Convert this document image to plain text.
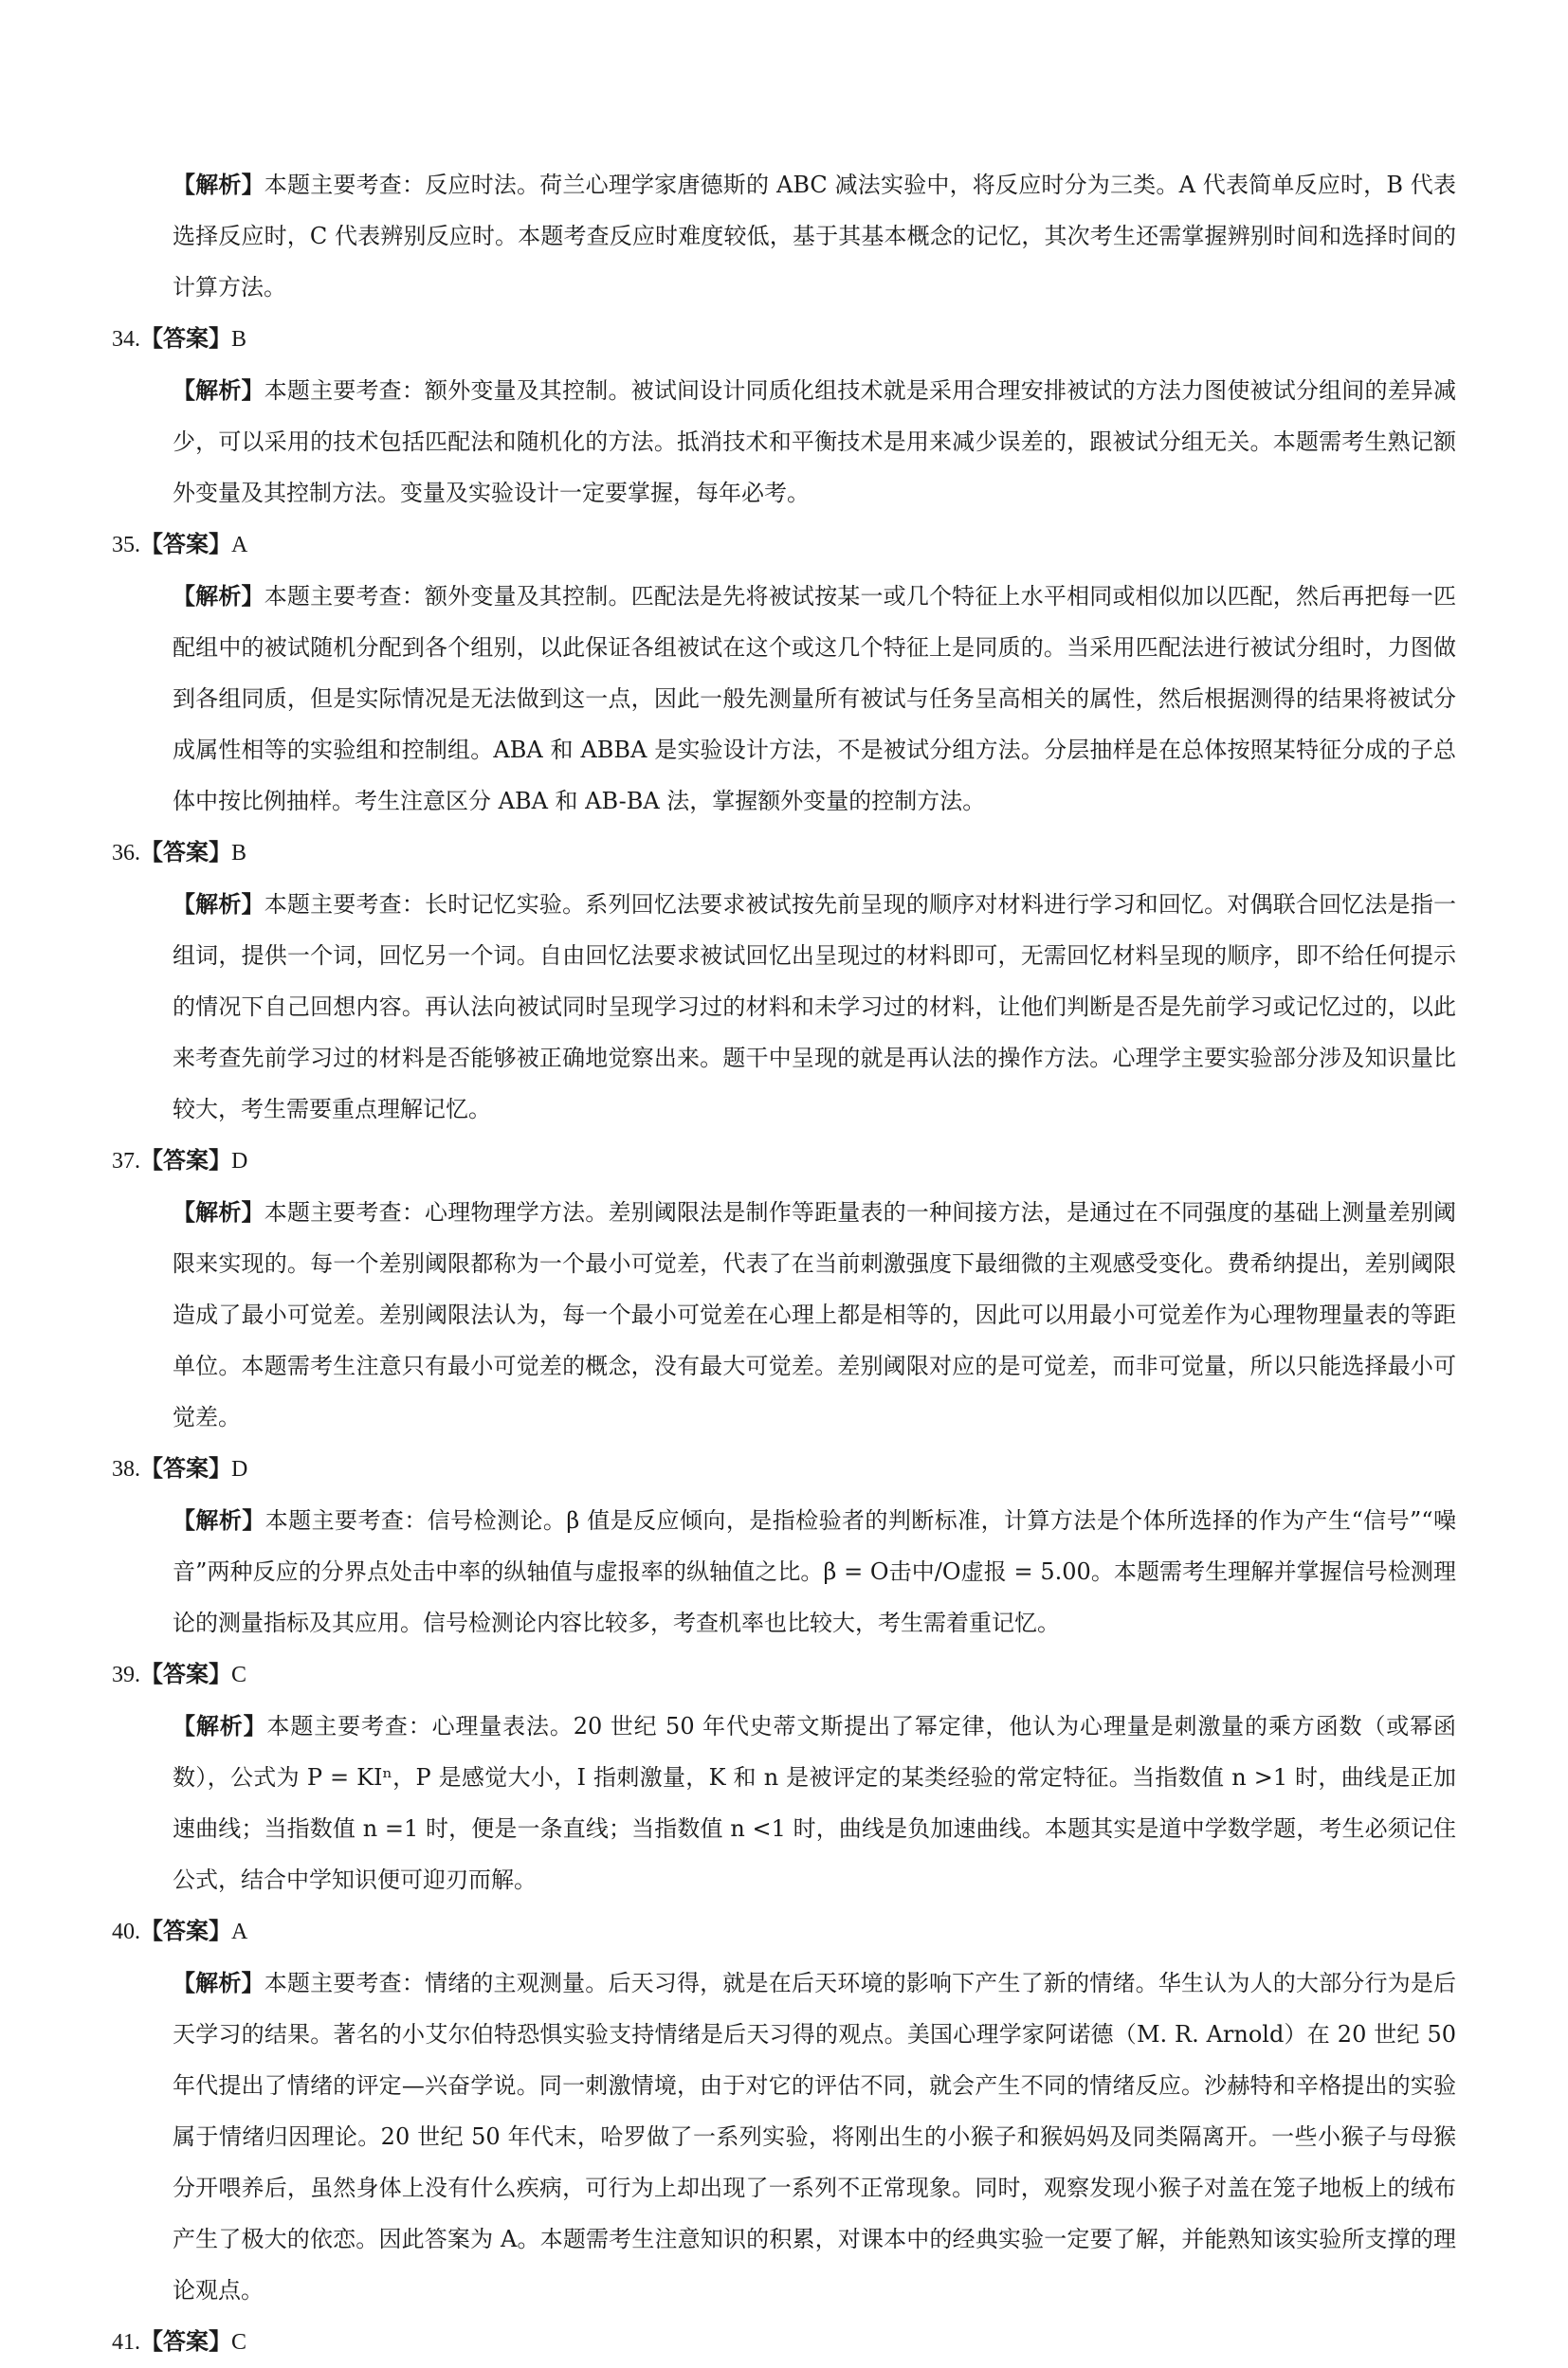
【解析】本题主要考查：反应时法。荷兰心理学家唐德斯的 ABC 减法实验中，将反应时分为三类。A 代表简单反应时，B 代表选择反应时，C 代表辨别反应时。本题考查反应时难度较低，基于其基本概念的记忆，其次考生还需掌握辨别时间和选择时间的计算方法。

34.【答案】B

【解析】本题主要考查：额外变量及其控制。被试间设计同质化组技术就是采用合理安排被试的方法力图使被试分组间的差异减少，可以采用的技术包括匹配法和随机化的方法。抵消技术和平衡技术是用来减少误差的，跟被试分组无关。本题需考生熟记额外变量及其控制方法。变量及实验设计一定要掌握，每年必考。

35.【答案】A

【解析】本题主要考查：额外变量及其控制。匹配法是先将被试按某一或几个特征上水平相同或相似加以匹配，然后再把每一匹配组中的被试随机分配到各个组别，以此保证各组被试在这个或这几个特征上是同质的。当采用匹配法进行被试分组时，力图做到各组同质，但是实际情况是无法做到这一点，因此一般先测量所有被试与任务呈高相关的属性，然后根据测得的结果将被试分成属性相等的实验组和控制组。ABA 和 ABBA 是实验设计方法，不是被试分组方法。分层抽样是在总体按照某特征分成的子总体中按比例抽样。考生注意区分 ABA 和 AB-BA 法，掌握额外变量的控制方法。

36.【答案】B

【解析】本题主要考查：长时记忆实验。系列回忆法要求被试按先前呈现的顺序对材料进行学习和回忆。对偶联合回忆法是指一组词，提供一个词，回忆另一个词。自由回忆法要求被试回忆出呈现过的材料即可，无需回忆材料呈现的顺序，即不给任何提示的情况下自己回想内容。再认法向被试同时呈现学习过的材料和未学习过的材料，让他们判断是否是先前学习或记忆过的，以此来考查先前学习过的材料是否能够被正确地觉察出来。题干中呈现的就是再认法的操作方法。心理学主要实验部分涉及知识量比较大，考生需要重点理解记忆。

37.【答案】D

【解析】本题主要考查：心理物理学方法。差别阈限法是制作等距量表的一种间接方法，是通过在不同强度的基础上测量差别阈限来实现的。每一个差别阈限都称为一个最小可觉差，代表了在当前刺激强度下最细微的主观感受变化。费希纳提出，差别阈限造成了最小可觉差。差别阈限法认为，每一个最小可觉差在心理上都是相等的，因此可以用最小可觉差作为心理物理量表的等距单位。本题需考生注意只有最小可觉差的概念，没有最大可觉差。差别阈限对应的是可觉差，而非可觉量，所以只能选择最小可觉差。

38.【答案】D

【解析】本题主要考查：信号检测论。β 值是反应倾向，是指检验者的判断标准，计算方法是个体所选择的作为产生“信号”“噪音”两种反应的分界点处击中率的纵轴值与虚报率的纵轴值之比。β = O击中/O虚报 = 5.00。本题需考生理解并掌握信号检测理论的测量指标及其应用。信号检测论内容比较多，考查机率也比较大，考生需着重记忆。

39.【答案】C

【解析】本题主要考查：心理量表法。20 世纪 50 年代史蒂文斯提出了幂定律，他认为心理量是刺激量的乘方函数（或幂函数），公式为 P = KIⁿ，P 是感觉大小，I 指刺激量，K 和 n 是被评定的某类经验的常定特征。当指数值 n >1 时，曲线是正加速曲线；当指数值 n =1 时，便是一条直线；当指数值 n <1 时，曲线是负加速曲线。本题其实是道中学数学题，考生必须记住公式，结合中学知识便可迎刃而解。

40.【答案】A

【解析】本题主要考查：情绪的主观测量。后天习得，就是在后天环境的影响下产生了新的情绪。华生认为人的大部分行为是后天学习的结果。著名的小艾尔伯特恐惧实验支持情绪是后天习得的观点。美国心理学家阿诺德（M. R. Arnold）在 20 世纪 50 年代提出了情绪的评定—兴奋学说。同一刺激情境，由于对它的评估不同，就会产生不同的情绪反应。沙赫特和辛格提出的实验属于情绪归因理论。20 世纪 50 年代末，哈罗做了一系列实验，将刚出生的小猴子和猴妈妈及同类隔离开。一些小猴子与母猴分开喂养后，虽然身体上没有什么疾病，可行为上却出现了一系列不正常现象。同时，观察发现小猴子对盖在笼子地板上的绒布产生了极大的依恋。因此答案为 A。本题需考生注意知识的积累，对课本中的经典实验一定要了解，并能熟知该实验所支撑的理论观点。

41.【答案】C
